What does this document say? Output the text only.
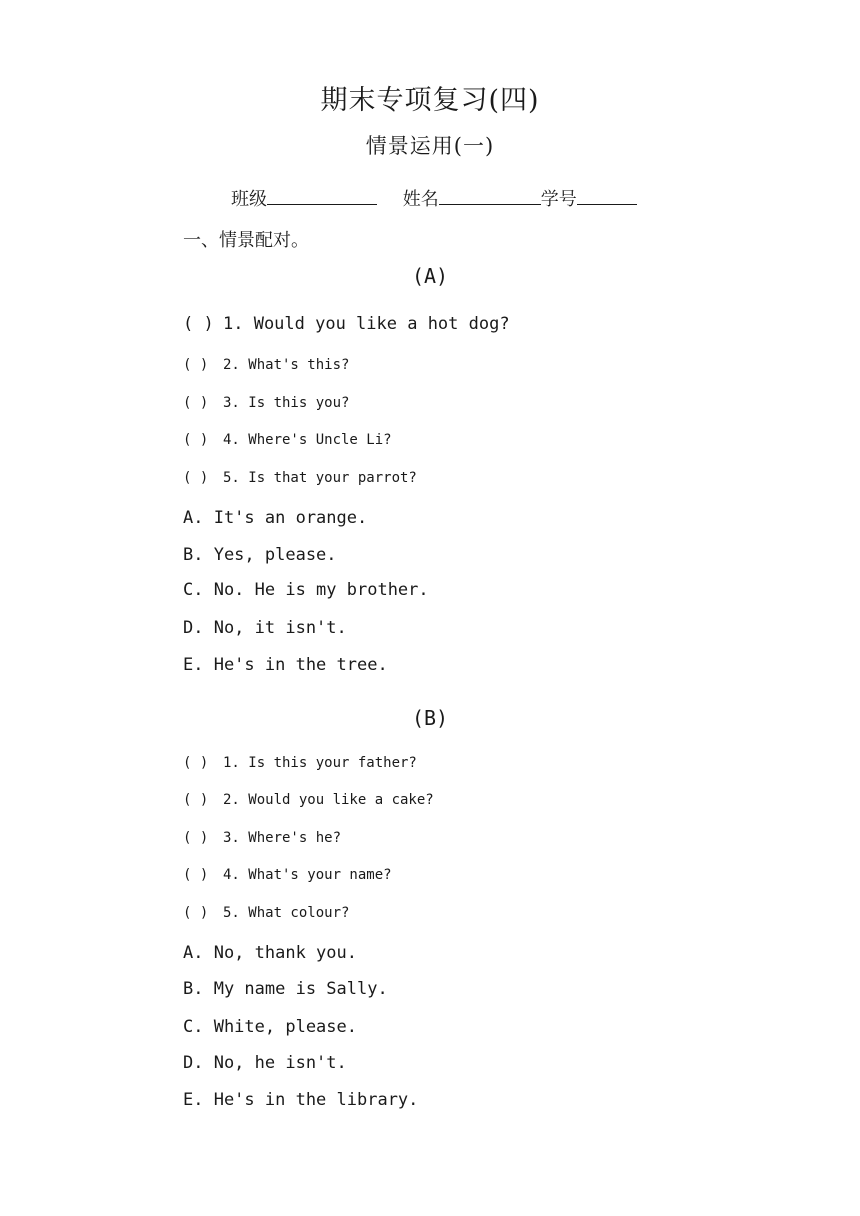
期末专项复习(四)
情景运用(一)
班级	姓名	学号
一、情景配对。
(A)
( ) 1. Would you like a hot dog?
( ) 2. What's this?
( ) 3. Is this you?
( ) 4. Where's Uncle Li?
( ) 5. Is that your parrot?
A. It's an orange.
B. Yes, please.
C. No. He is my brother.
D. No, it isn't.
E. He's in the tree.
(B)
( ) 1. Is this your father?
( ) 2. Would you like a cake?
( ) 3. Where's he?
( ) 4. What's your name?
( ) 5. What colour?
A. No, thank you.
B. My name is Sally.
C. White, please.
D. No, he isn't.
E. He's in the library.
